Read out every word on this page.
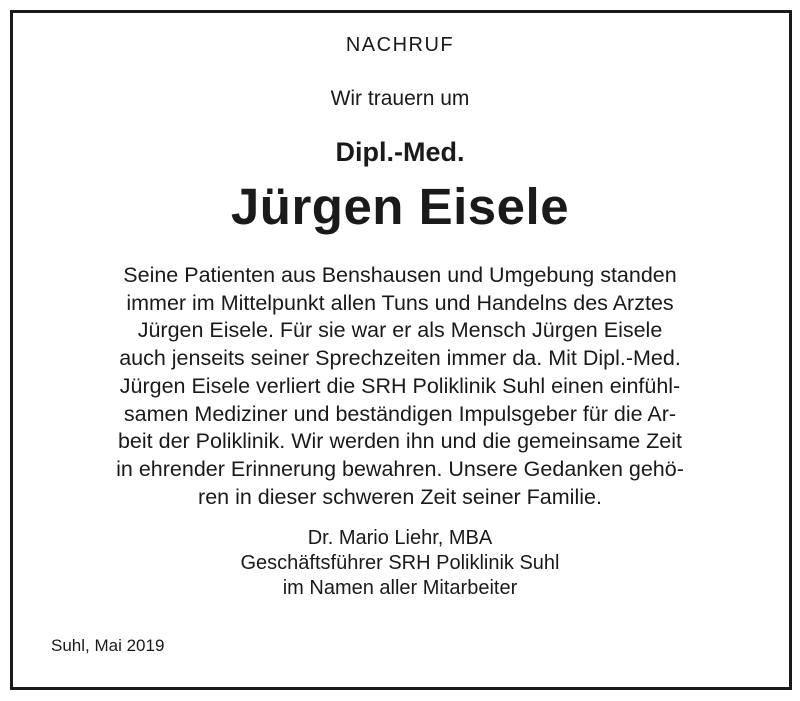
NACHRUF

Wir trauern um

Dipl.-Med.
Jürgen Eisele

Seine Patienten aus Benshausen und Umgebung standen
immer im Mittelpunkt allen Tuns und Handelns des Arztes
Jürgen Eisele. Für sie war er als Mensch Jürgen Eisele
auch jenseits seiner Sprechzeiten immer da. Mit Dipl.-Med.
Jürgen Eisele verliert die SRH Poliklinik Suhl einen einfühl-
samen Mediziner und beständigen Impulsgeber für die Ar-
beit der Poliklinik. Wir werden ihn und die gemeinsame Zeit
in ehrender Erinnerung bewahren. Unsere Gedanken gehö-
ren in dieser schweren Zeit seiner Familie.

Dr. Mario Liehr, MBA
Geschäftsführer SRH Poliklinik Suhl
im Namen aller Mitarbeiter

Suhl, Mai 2019
